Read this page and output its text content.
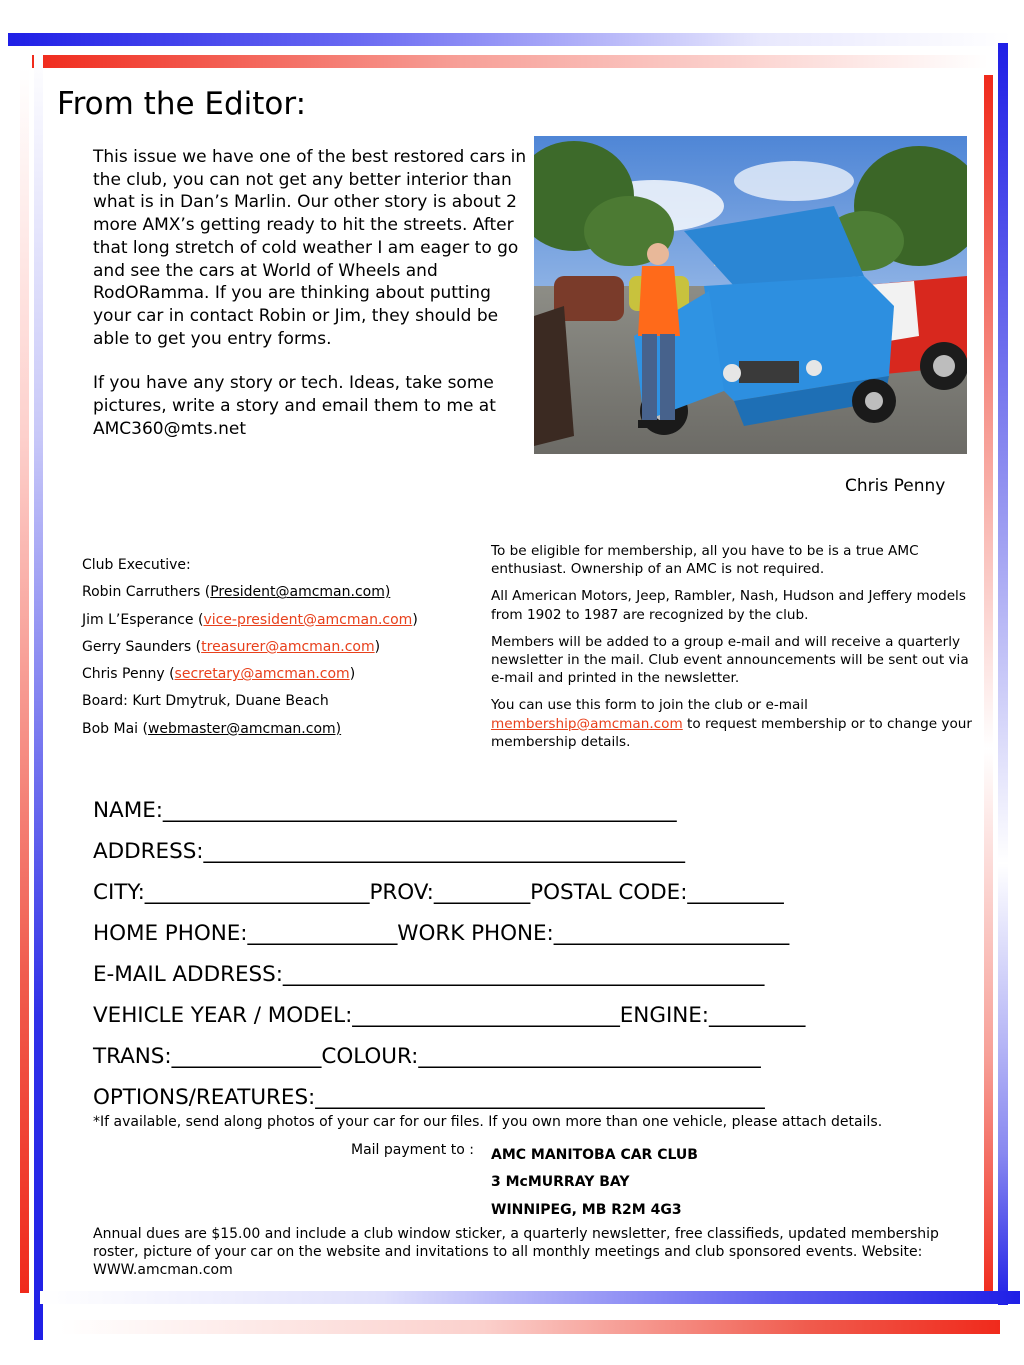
From the Editor:

This issue we have one of the best restored cars in the club, you can not get any better interior than what is in Dan’s Marlin. Our other story is about 2 more AMX’s getting ready to hit the streets. After that long stretch of cold weather I am eager to go and see the cars at World of Wheels and RodORamma. If you are thinking about putting your car in contact Robin or Jim, they should be able to get you entry forms.

If you have any story or tech. Ideas, take some pictures, write a story and email them to me at AMC360@mts.net

Chris Penny
Club Executive:
Robin Carruthers (President@amcman.com)
Jim L’Esperance (vice-president@amcman.com)
Gerry Saunders (treasurer@amcman.com)
Chris Penny (secretary@amcman.com)
Board: Kurt Dmytruk, Duane Beach
Bob Mai (webmaster@amcman.com)

To be eligible for membership, all you have to be is a true AMC enthusiast. Ownership of an AMC is not required.

All American Motors, Jeep, Rambler, Nash, Hudson and Jeffery models from 1902 to 1987 are recognized by the club.

Members will be added to a group e-mail and will receive a quarterly newsletter in the mail. Club event announcements will be sent out via e-mail and printed in the newsletter.

You can use this form to join the club or e-mail membership@amcman.com to request membership or to change your membership details.

NAME:________________________________________________
ADDRESS:_____________________________________________
CITY:_____________________PROV:_________POSTAL CODE:_________
HOME PHONE:______________WORK PHONE:______________________
E-MAIL ADDRESS:_____________________________________________
VEHICLE YEAR / MODEL:_________________________ENGINE:_________
TRANS:______________COLOUR:________________________________
OPTIONS/REATURES:__________________________________________
*If available, send along photos of your car for our files. If you own more than one vehicle, please attach details.
Mail payment to : AMC MANITOBA CAR CLUB
3 McMURRAY BAY
WINNIPEG, MB R2M 4G3
Annual dues are $15.00 and include a club window sticker, a quarterly newsletter, free classifieds, updated membership roster, picture of your car on the website and invitations to all monthly meetings and club sponsored events. Website: WWW.amcman.com
